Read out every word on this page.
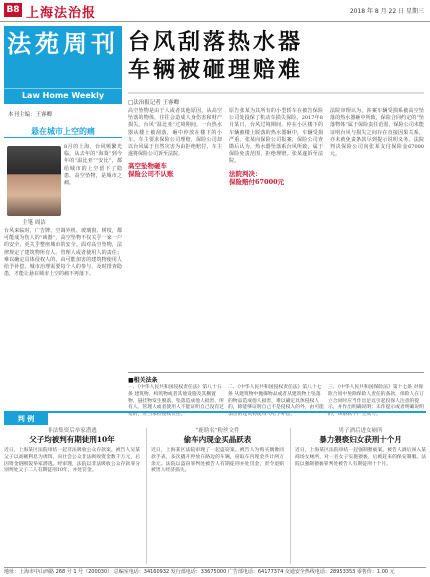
B8 上海法治报	2018 年 8 月 22 日 星期三
法苑周刊
Law Home Weekly
本刊主编：王睿卿
悬在城市上空的痛
主笔 周洁
8月的上海，台风频繁光临。从去年的“海葵”到今年的“温比亚”“安比”，都给城市的上空留下了隐患。高空坠物，是城市之痛。
台风来临时，广告牌、空调外机、玻璃窗、树枝，都可能成为伤人的“凶器”。高空坠物不仅关乎一家一户的安全，更关乎整座城市的安全。面对高空坠物，法律规定了建筑物所有人、管理人或者使用人的责任；难以确定具体侵权人的，由可能加害的建筑物使用人给予补偿。城市治理需要每个人的参与，及时排查隐患，才能让悬在城市上空的痛不再落下。
台风刮落热水器
车辆被砸理赔难
□法治报记者 王睿卿
高空坠物是由于人或者其他原因，从高空坠落的物体，往往会造成人身伤害和财产损失。台风“温比亚”过境期间，一台热水器从楼上被刮落，砸中停放在楼下的小车。车主要求保险公司理赔，保险公司却以台风属于自然灾害为由拒绝赔付，车主遂将保险公司诉至法院。
高空坠物砸车
保险公司不认账
原告张某为其所有的小型轿车在被告保险公司处投保了机动车损失保险。2017年8月某日，台风过境期间，停在小区楼下的车辆被楼上脱落的热水器砸中，车辆受损严重。张某向保险公司报案，保险公司查勘后认为，热水器坠落系台风所致，属于保险免责范围，拒绝理赔。张某遂诉至法院。
法院判决：
保险赔付67000元
法院审理认为，涉案车辆受损系被高空坠落的热水器砸中所致，保险合同约定的“坠落物体”属于保险责任范围，保险公司未能证明台风与损失之间存在直接因果关系，亦未就免责条款尽到提示说明义务。法院判决保险公司向张某支付保险金67000元。
■相关法条
一、《中华人民共和国侵权责任法》第八十五条 建筑物、构筑物或者其他设施及其搁置物、悬挂物发生脱落、坠落造成他人损害，所有人、管理人或者使用人不能证明自己没有过错的，应当承担侵权责任。
二、《中华人民共和国侵权责任法》第八十七条 从建筑物中抛掷物品或者从建筑物上坠落的物品造成他人损害，难以确定具体侵权人的，除能够证明自己不是侵权人的外，由可能加害的建筑物使用人给予补偿。
三、《中华人民共和国保险法》第十七条 对保险合同中免除保险人责任的条款，保险人在订立合同时应当作出足以引起投保人注意的提示，并作出明确说明；未作提示或者明确说明的，该条款不产生效力。
判 例
非法集资后举家潜逃
父子均被判有期徒刑10年
近日，上海某区法院审结一起非法吸收公众存款案。被告人吴某父子以高额利息为诱饵，向社会公众非法吸收资金数千万元，后因资金链断裂举家潜逃。经审理，法院以非法吸收公众存款罪分别判处父子二人有期徒刑10年，并处罚金。
“鹿晗名”粉丝文件
偷车内现金买晶跃表
近日，上海某区法院审理了一起盗窃案。被告人为购买偶像同款手表，多次撬开停放在路边的车辆，窃取车内现金共计两万余元。法院以盗窃罪判处被告人有期徒刑并处罚金，责令退赔被害人经济损失。
男子酒后进女厕所
暴力猥亵妇女获刑十个月
近日，上海某区法院审结一起强制猥亵案。被告人酒后闯入某商场女厕所，对一名女子实施猥亵，后被赶来的保安制服。法院以强制猥亵罪判处被告人有期徒刑十个月。
地址：上海市中山西路 268 号 1 号（200030） 总编室电话：34160932 发行部电话：33675000 广告部电话：64177374 交通安全热线电话：28953353 零售价：1.00 元
